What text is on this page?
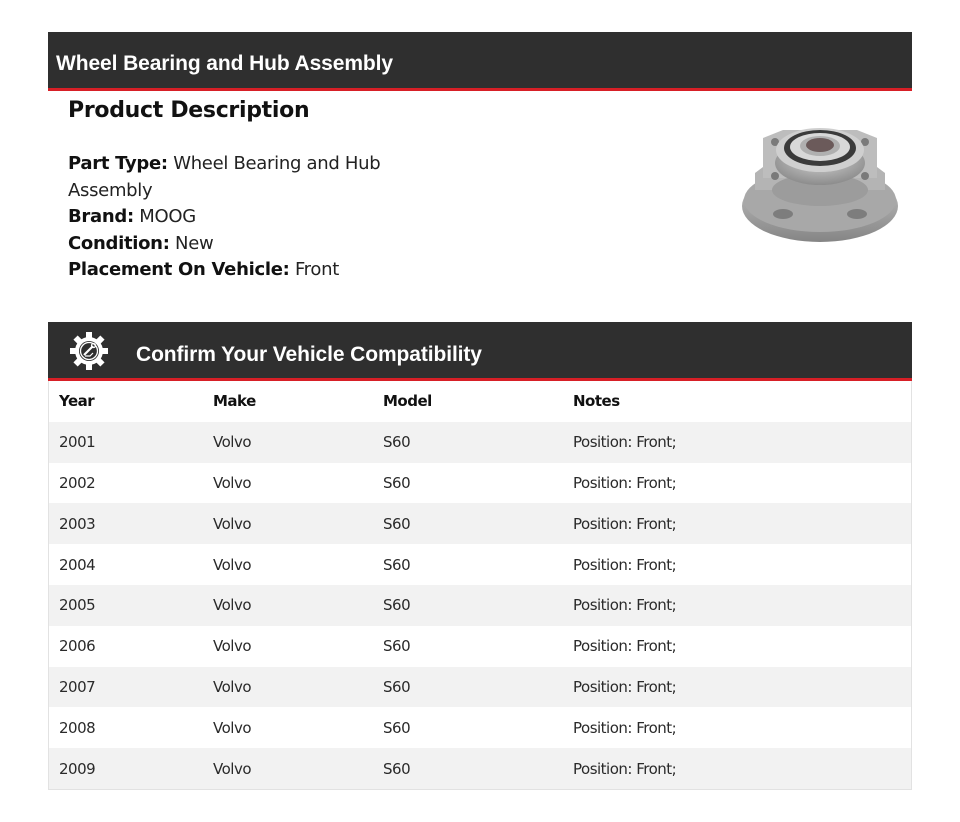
Wheel Bearing and Hub Assembly
Product Description
Part Type: Wheel Bearing and Hub Assembly
Brand: MOOG
Condition: New
Placement On Vehicle: Front
Confirm Your Vehicle Compatibility
Year	Make	Model	Notes
2001	Volvo	S60	Position: Front;
2002	Volvo	S60	Position: Front;
2003	Volvo	S60	Position: Front;
2004	Volvo	S60	Position: Front;
2005	Volvo	S60	Position: Front;
2006	Volvo	S60	Position: Front;
2007	Volvo	S60	Position: Front;
2008	Volvo	S60	Position: Front;
2009	Volvo	S60	Position: Front;
